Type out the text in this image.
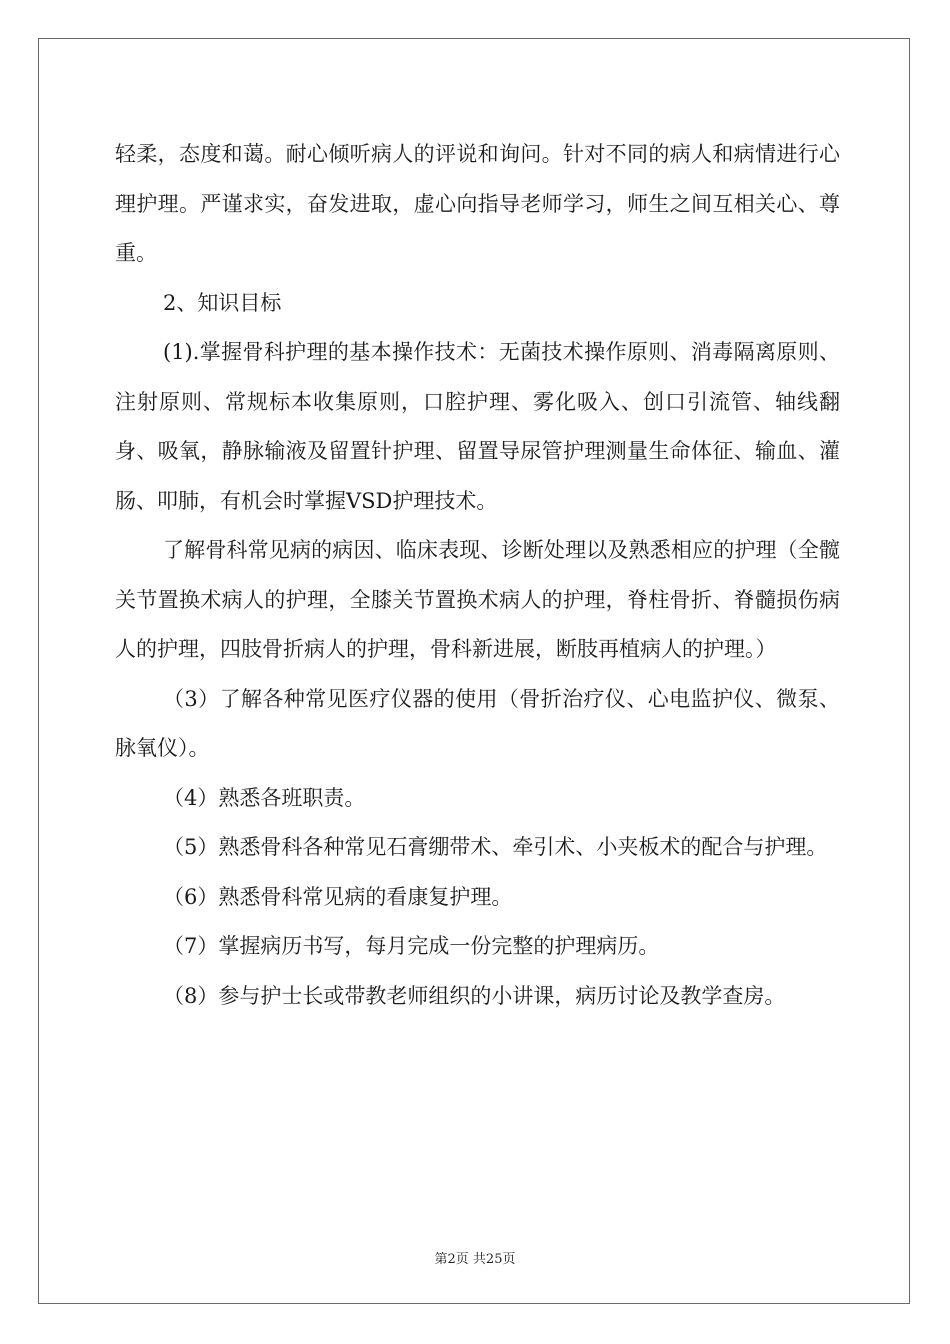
轻柔，态度和蔼。耐心倾听病人的评说和询问。针对不同的病人和病情进行心理护理。严谨求实，奋发进取，虚心向指导老师学习，师生之间互相关心、尊重。

2、知识目标

(1).掌握骨科护理的基本操作技术：无菌技术操作原则、消毒隔离原则、注射原则、常规标本收集原则，口腔护理、雾化吸入、创口引流管、轴线翻身、吸氧，静脉输液及留置针护理、留置导尿管护理测量生命体征、输血、灌肠、叩肺，有机会时掌握VSD护理技术。

了解骨科常见病的病因、临床表现、诊断处理以及熟悉相应的护理（全髋关节置换术病人的护理，全膝关节置换术病人的护理，脊柱骨折、脊髓损伤病人的护理，四肢骨折病人的护理，骨科新进展，断肢再植病人的护理。）

（3）了解各种常见医疗仪器的使用（骨折治疗仪、心电监护仪、微泵、脉氧仪）。

（4）熟悉各班职责。

（5）熟悉骨科各种常见石膏绷带术、牵引术、小夹板术的配合与护理。

（6）熟悉骨科常见病的看康复护理。

（7）掌握病历书写，每月完成一份完整的护理病历。

（8）参与护士长或带教老师组织的小讲课，病历讨论及教学查房。

第2页 共25页
